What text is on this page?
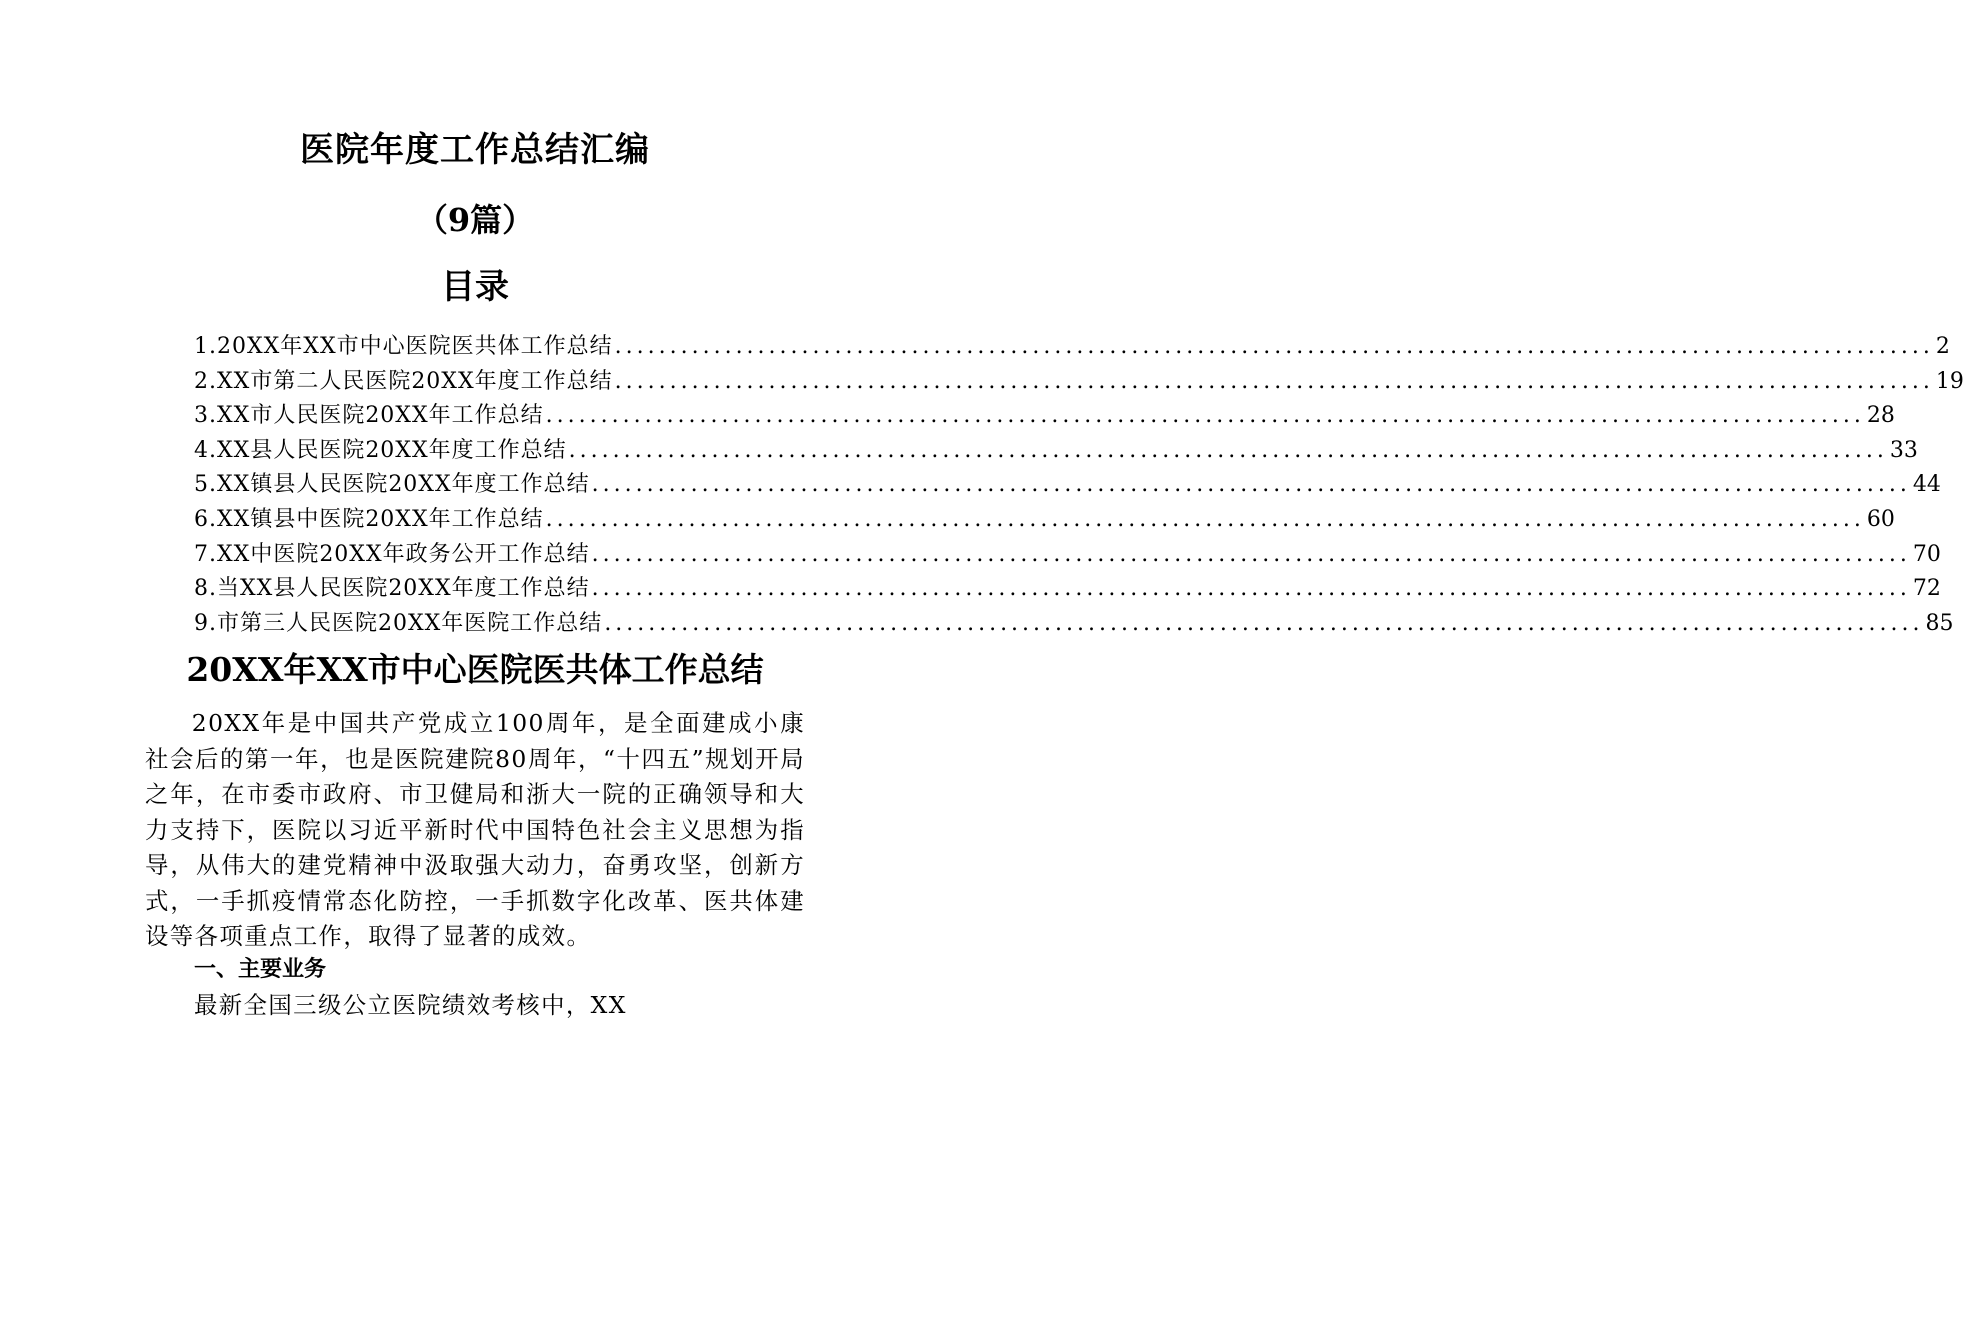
医院年度工作总结汇编
（9篇）
目录
1.20XX年XX市中心医院医共体工作总结 ........................................................................................................................ 2
2.XX市第二人民医院20XX年度工作总结 ........................................................................................................................ 19
3.XX市人民医院20XX年工作总结 ........................................................................................................................ 28
4.XX县人民医院20XX年度工作总结 ........................................................................................................................ 33
5.XX镇县人民医院20XX年度工作总结 ........................................................................................................................ 44
6.XX镇县中医院20XX年工作总结 ........................................................................................................................ 60
7.XX中医院20XX年政务公开工作总结 ........................................................................................................................ 70
8.当XX县人民医院20XX年度工作总结 ........................................................................................................................ 72
9.市第三人民医院20XX年医院工作总结 ........................................................................................................................ 85
20XX年XX市中心医院医共体工作总结

20XX年是中国共产党成立100周年，是全面建成小康社会后的第一年，也是医院建院80周年，“十四五”规划开局之年，在市委市政府、市卫健局和浙大一院的正确领导和大力支持下，医院以习近平新时代中国特色社会主义思想为指导，从伟大的建党精神中汲取强大动力，奋勇攻坚，创新方式，一手抓疫情常态化防控，一手抓数字化改革、医共体建设等各项重点工作，取得了显著的成效。

一、主要业务

最新全国三级公立医院绩效考核中，XX
